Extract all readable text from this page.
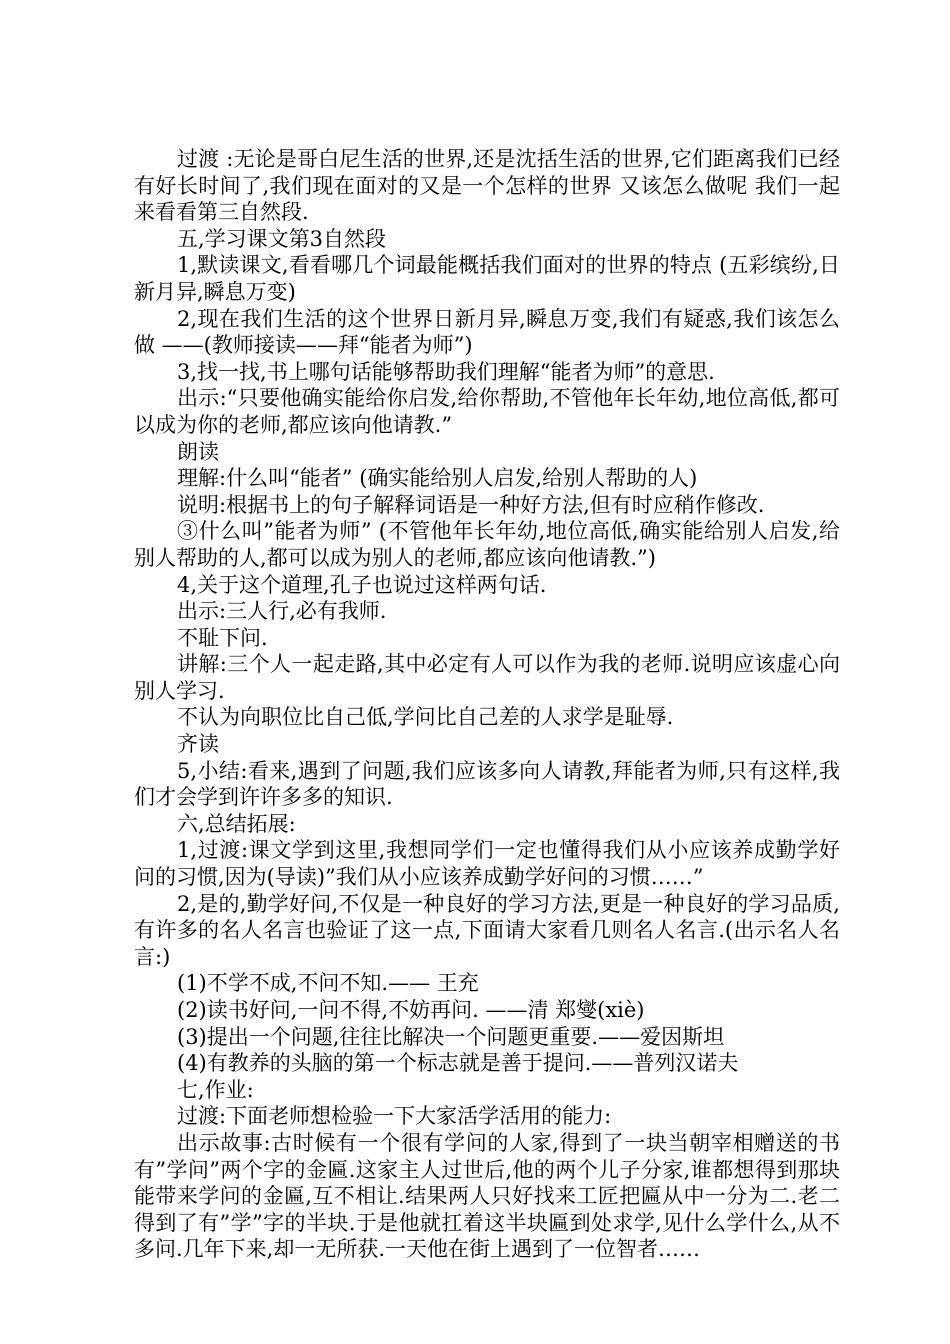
过渡 :无论是哥白尼生活的世界,还是沈括生活的世界,它们距离我们已经有好长时间了,我们现在面对的又是一个怎样的世界 又该怎么做呢 我们一起来看看第三自然段.

五,学习课文第3自然段

1,默读课文,看看哪几个词最能概括我们面对的世界的特点 (五彩缤纷,日新月异,瞬息万变)

2,现在我们生活的这个世界日新月异,瞬息万变,我们有疑惑,我们该怎么做 ——(教师接读——拜“能者为师”)

3,找一找,书上哪句话能够帮助我们理解“能者为师”的意思.

出示:“只要他确实能给你启发,给你帮助,不管他年长年幼,地位高低,都可以成为你的老师,都应该向他请教.”

朗读

理解:什么叫“能者” (确实能给别人启发,给别人帮助的人)

说明:根据书上的句子解释词语是一种好方法,但有时应稍作修改.

③什么叫”能者为师” (不管他年长年幼,地位高低,确实能给别人启发,给别人帮助的人,都可以成为别人的老师,都应该向他请教.”)

4,关于这个道理,孔子也说过这样两句话.

出示:三人行,必有我师.

不耻下问.

讲解:三个人一起走路,其中必定有人可以作为我的老师.说明应该虚心向别人学习.

不认为向职位比自己低,学问比自己差的人求学是耻辱.

齐读

5,小结:看来,遇到了问题,我们应该多向人请教,拜能者为师,只有这样,我们才会学到许许多多的知识.

六,总结拓展:

1,过渡:课文学到这里,我想同学们一定也懂得我们从小应该养成勤学好问的习惯,因为(导读)”我们从小应该养成勤学好问的习惯……”

2,是的,勤学好问,不仅是一种良好的学习方法,更是一种良好的学习品质,有许多的名人名言也验证了这一点,下面请大家看几则名人名言.(出示名人名言:)

(1)不学不成,不问不知.—— 王充

(2)读书好问,一问不得,不妨再问. ——清 郑燮(xiè)

(3)提出一个问题,往往比解决一个问题更重要.——爱因斯坦

(4)有教养的头脑的第一个标志就是善于提问.——普列汉诺夫

七,作业:

过渡:下面老师想检验一下大家活学活用的能力:

出示故事:古时候有一个很有学问的人家,得到了一块当朝宰相赠送的书有”学问”两个字的金匾.这家主人过世后,他的两个儿子分家,谁都想得到那块能带来学问的金匾,互不相让.结果两人只好找来工匠把匾从中一分为二.老二得到了有”学”字的半块.于是他就扛着这半块匾到处求学,见什么学什么,从不多问.几年下来,却一无所获.一天他在街上遇到了一位智者……
